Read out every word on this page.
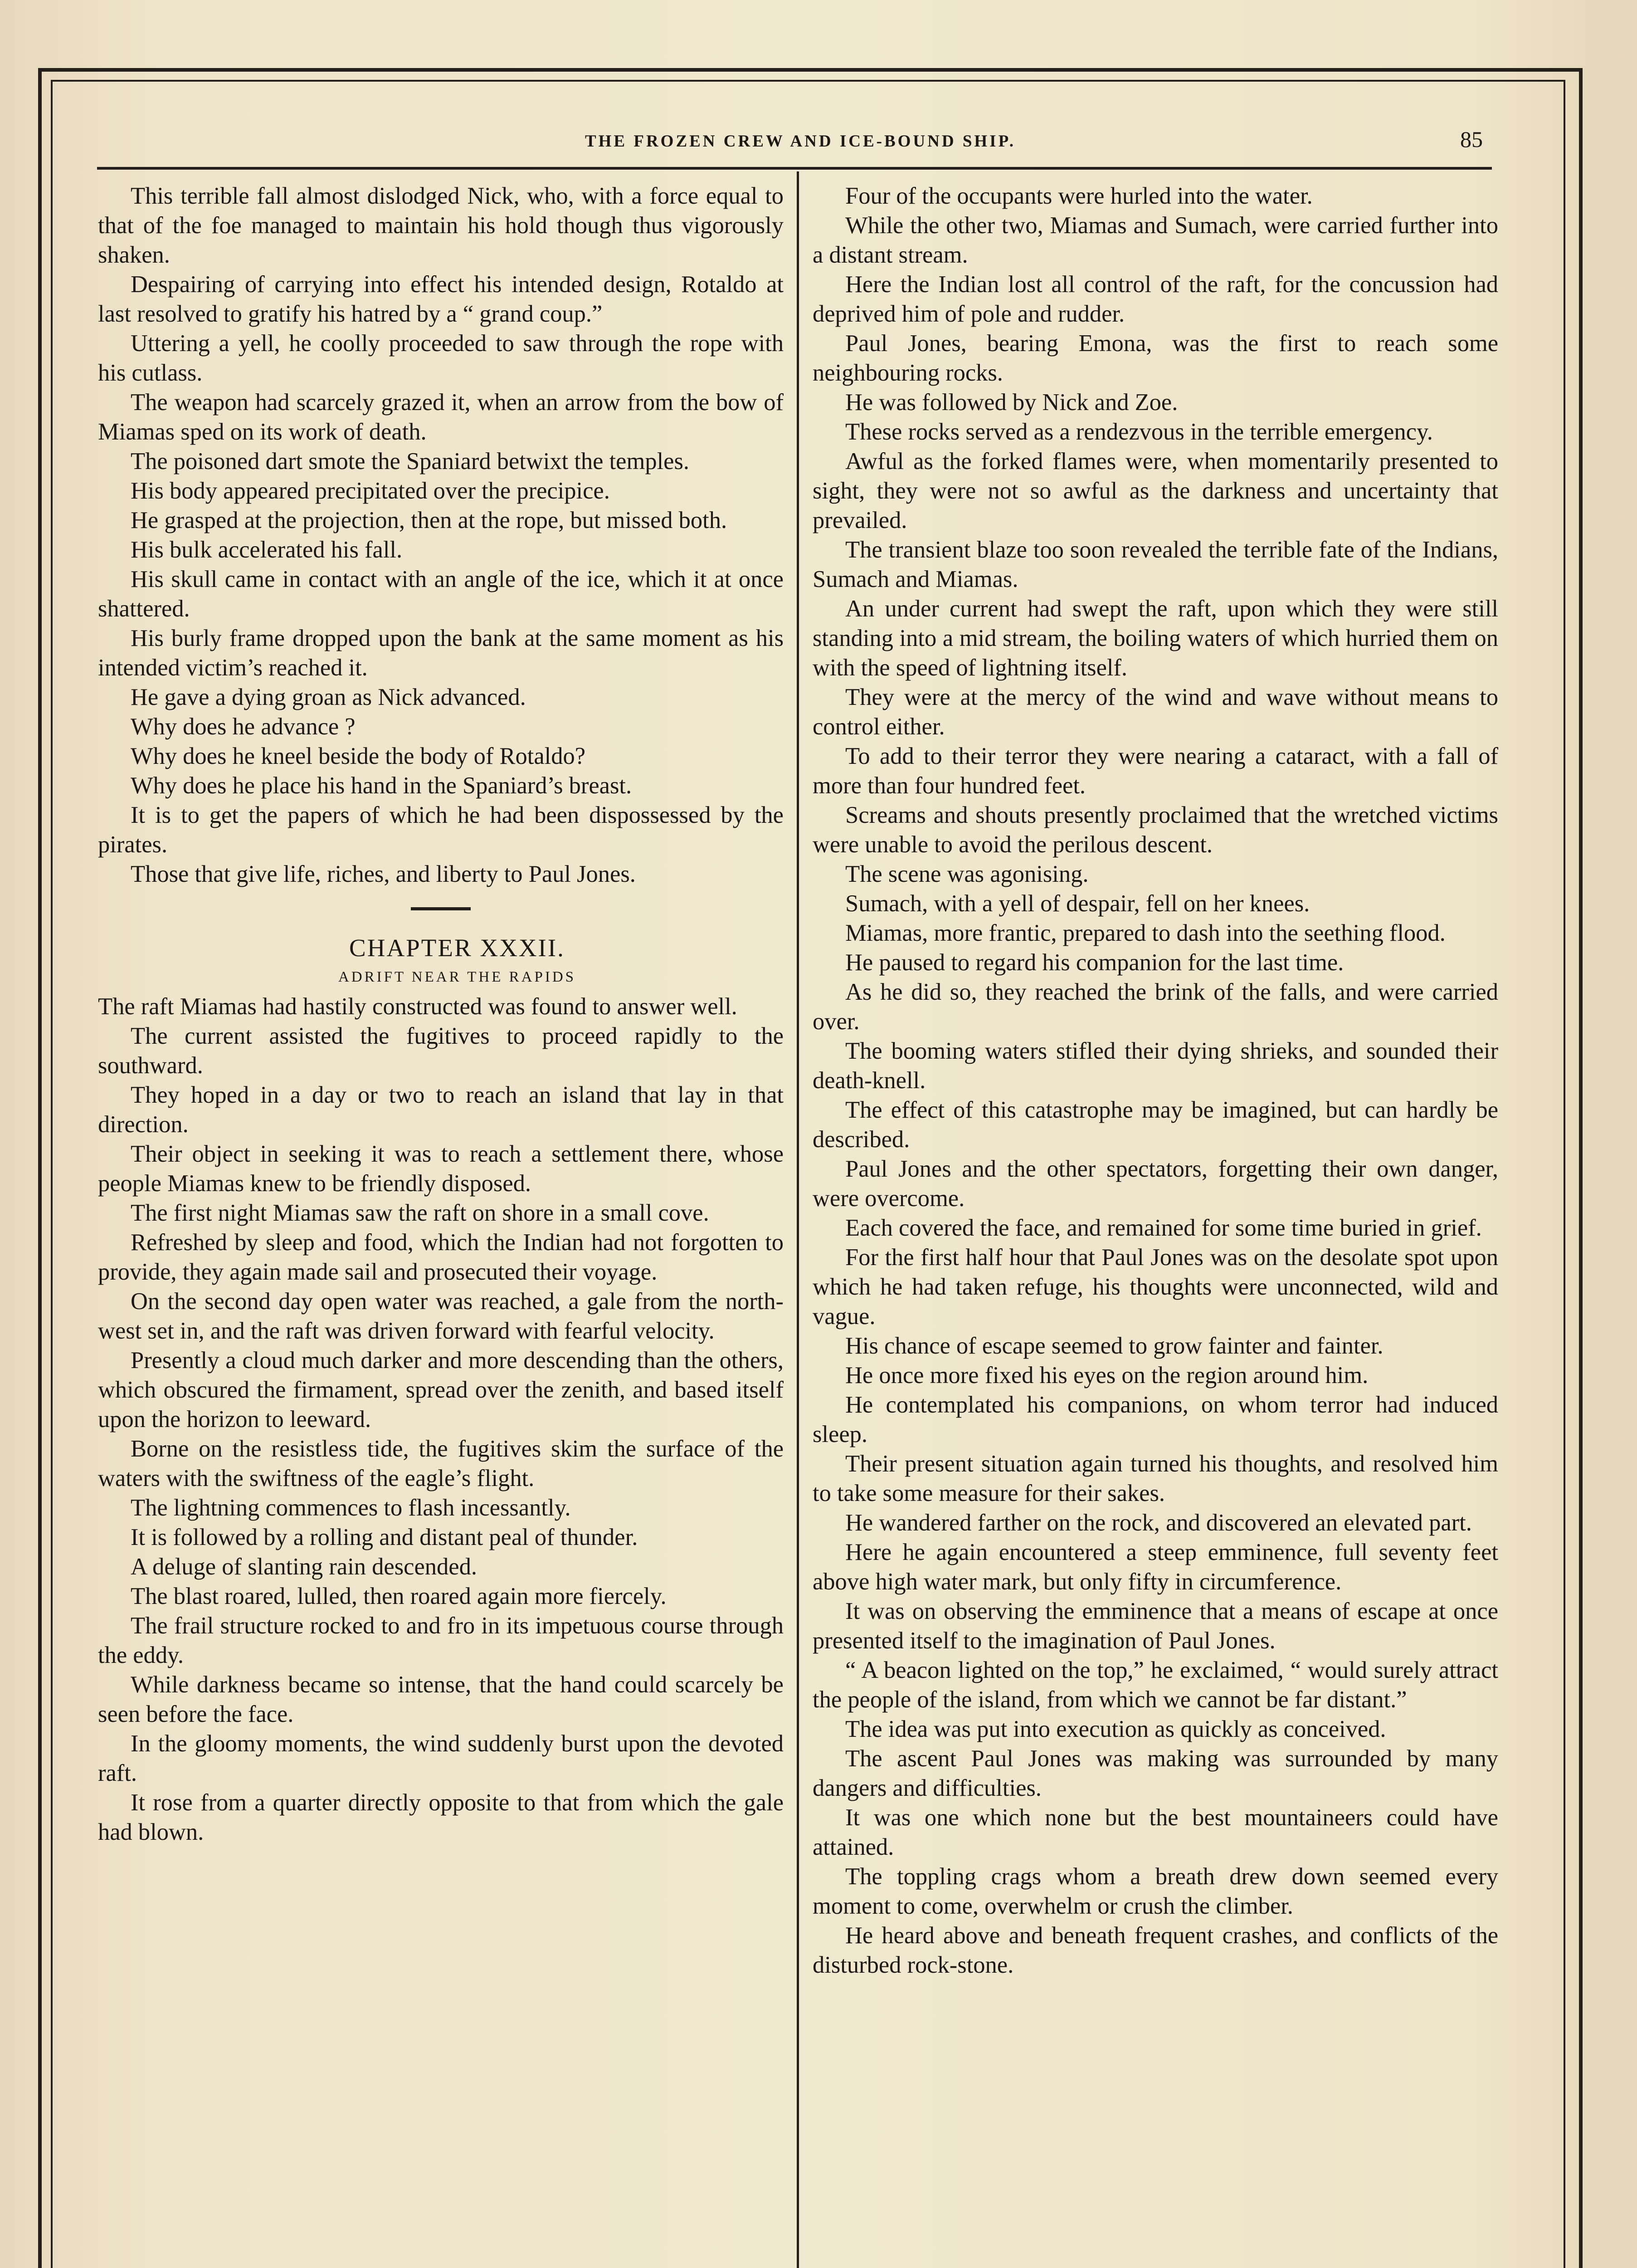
THE FROZEN CREW AND ICE-BOUND SHIP.	85

This terrible fall almost dislodged Nick, who, with a force equal to that of the foe managed to maintain his hold though thus vigorously shaken.

Despairing of carrying into effect his intended design, Rotaldo at last resolved to gratify his hatred by a “ grand coup.”

Uttering a yell, he coolly proceeded to saw through the rope with his cutlass.

The weapon had scarcely grazed it, when an arrow from the bow of Miamas sped on its work of death.

The poisoned dart smote the Spaniard betwixt the temples.

His body appeared precipitated over the precipice.

He grasped at the projection, then at the rope, but missed both.

His bulk accelerated his fall.

His skull came in contact with an angle of the ice, which it at once shattered.

His burly frame dropped upon the bank at the same moment as his intended victim’s reached it.

He gave a dying groan as Nick advanced.

Why does he advance ?

Why does he kneel beside the body of Rotaldo?

Why does he place his hand in the Spaniard’s breast.

It is to get the papers of which he had been dispossessed by the pirates.

Those that give life, riches, and liberty to Paul Jones.

CHAPTER XXXII.

ADRIFT NEAR THE RAPIDS

The raft Miamas had hastily constructed was found to answer well.

The current assisted the fugitives to proceed rapidly to the southward.

They hoped in a day or two to reach an island that lay in that direction.

Their object in seeking it was to reach a settlement there, whose people Miamas knew to be friendly disposed.

The first night Miamas saw the raft on shore in a small cove.

Refreshed by sleep and food, which the Indian had not forgotten to provide, they again made sail and prosecuted their voyage.

On the second day open water was reached, a gale from the north-west set in, and the raft was driven forward with fearful velocity.

Presently a cloud much darker and more descending than the others, which obscured the firmament, spread over the zenith, and based itself upon the horizon to leeward.

Borne on the resistless tide, the fugitives skim the surface of the waters with the swiftness of the eagle’s flight.

The lightning commences to flash incessantly.

It is followed by a rolling and distant peal of thunder.

A deluge of slanting rain descended.

The blast roared, lulled, then roared again more fiercely.

The frail structure rocked to and fro in its impetuous course through the eddy.

While darkness became so intense, that the hand could scarcely be seen before the face.

In the gloomy moments, the wind suddenly burst upon the devoted raft.

It rose from a quarter directly opposite to that from which the gale had blown.

Four of the occupants were hurled into the water.

While the other two, Miamas and Sumach, were carried further into a distant stream.

Here the Indian lost all control of the raft, for the concussion had deprived him of pole and rudder.

Paul Jones, bearing Emona, was the first to reach some neighbouring rocks.

He was followed by Nick and Zoe.

These rocks served as a rendezvous in the terrible emergency.

Awful as the forked flames were, when momentarily presented to sight, they were not so awful as the darkness and uncertainty that prevailed.

The transient blaze too soon revealed the terrible fate of the Indians, Sumach and Miamas.

An under current had swept the raft, upon which they were still standing into a mid stream, the boiling waters of which hurried them on with the speed of lightning itself.

They were at the mercy of the wind and wave without means to control either.

To add to their terror they were nearing a cataract, with a fall of more than four hundred feet.

Screams and shouts presently proclaimed that the wretched victims were unable to avoid the perilous descent.

The scene was agonising.

Sumach, with a yell of despair, fell on her knees.

Miamas, more frantic, prepared to dash into the seething flood.

He paused to regard his companion for the last time.

As he did so, they reached the brink of the falls, and were carried over.

The booming waters stifled their dying shrieks, and sounded their death-knell.

The effect of this catastrophe may be imagined, but can hardly be described.

Paul Jones and the other spectators, forgetting their own danger, were overcome.

Each covered the face, and remained for some time buried in grief.

For the first half hour that Paul Jones was on the desolate spot upon which he had taken refuge, his thoughts were unconnected, wild and vague.

His chance of escape seemed to grow fainter and fainter.

He once more fixed his eyes on the region around him.

He contemplated his companions, on whom terror had induced sleep.

Their present situation again turned his thoughts, and resolved him to take some measure for their sakes.

He wandered farther on the rock, and discovered an elevated part.

Here he again encountered a steep emminence, full seventy feet above high water mark, but only fifty in circumference.

It was on observing the emminence that a means of escape at once presented itself to the imagination of Paul Jones.

“ A beacon lighted on the top,” he exclaimed, “ would surely attract the people of the island, from which we cannot be far distant.”

The idea was put into execution as quickly as conceived.

The ascent Paul Jones was making was surrounded by many dangers and difficulties.

It was one which none but the best mountaineers could have attained.

The toppling crags whom a breath drew down seemed every moment to come, overwhelm or crush the climber.

He heard above and beneath frequent crashes, and conflicts of the disturbed rock-stone.
